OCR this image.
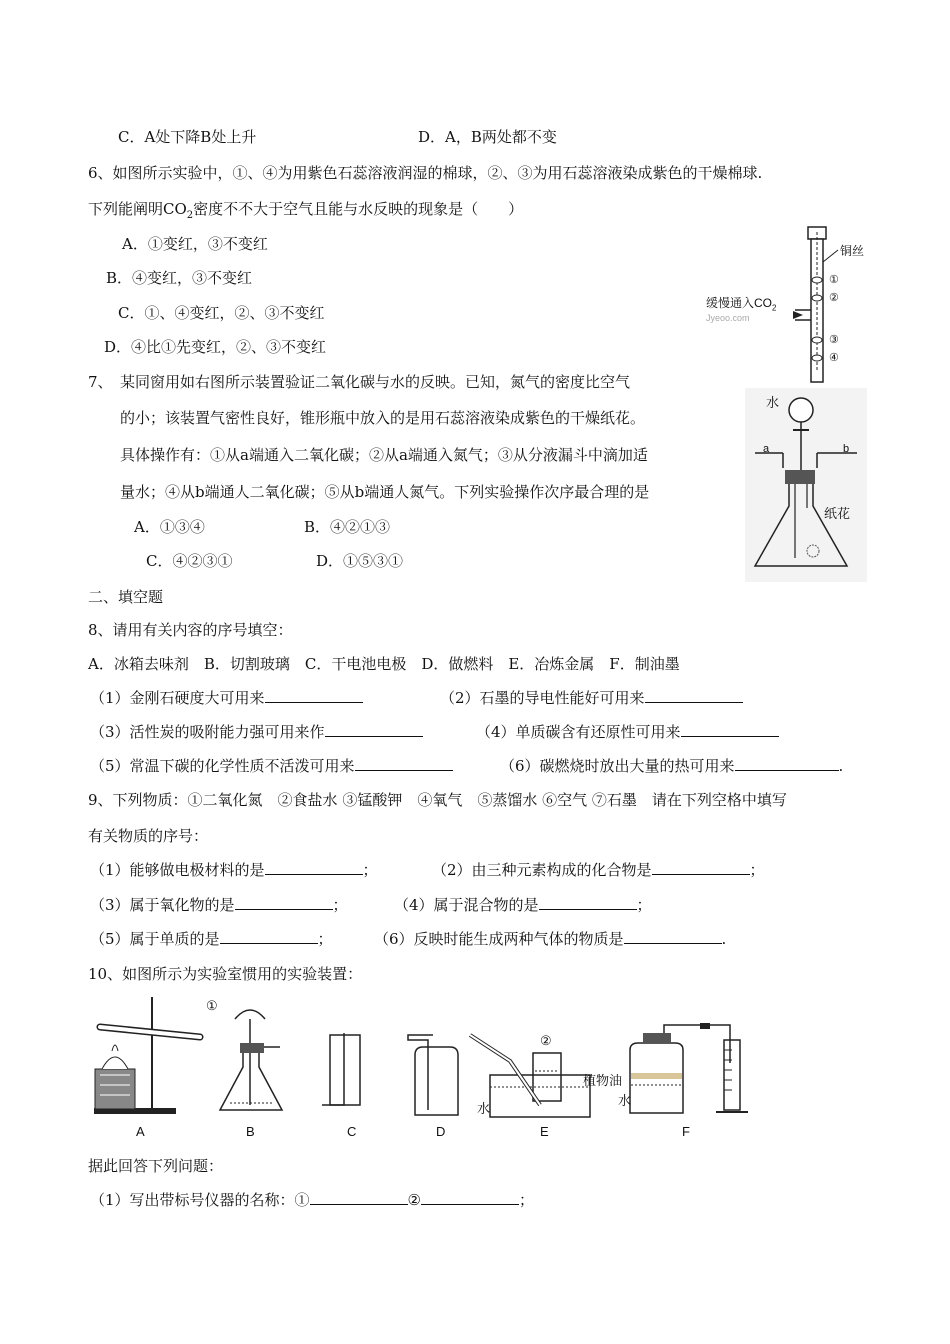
C．A处下降B处上升	D．A，B两处都不变
6、如图所示实验中，①、④为用紫色石蕊溶液润湿的棉球，②、③为用石蕊溶液染成紫色的干燥棉球.
下列能阐明$CO_2$密度不不大于空气且能与水反映的现象是（　　）
A．①变红，③不变红
B．④变红，③不变红
C．①、④变红，②、③不变红
D．④比①先变红，②、③不变红
铜丝
①
②
③
④
缓慢通入$CO_2$
Jyeoo.com
7、　某同窗用如右图所示装置验证二氧化碳与水的反映。已知，氮气的密度比空气
的小；该装置气密性良好，锥形瓶中放入的是用石蕊溶液染成紫色的干燥纸花。
具体操作有：①从a端通入二氧化碳；②从a端通入氮气；③从分液漏斗中滴加适
量水；④从b端通人二氧化碳；⑤从b端通人氮气。下列实验操作次序最合理的是
A．①③④	B．④②①③
C．④②③①	D．①⑤③①
水
a	b
纸花
二、填空题
8、请用有关内容的序号填空：
A．冰箱去味剂　B．切割玻璃　C．干电池电极　D．做燃料　E．冶炼金属　F．制油墨
（1）金刚石硬度大可用来	（2）石墨的导电性能好可用来
（3）活性炭的吸附能力强可用来作	（4）单质碳含有还原性可用来
（5）常温下碳的化学性质不活泼可用来	（6）碳燃烧时放出大量的热可用来	.
9、下列物质：①二氧化氮　②食盐水 ③锰酸钾　④氧气　⑤蒸馏水 ⑥空气 ⑦石墨　请在下列空格中填写
有关物质的序号：
（1）能够做电极材料的是	；	（2）由三种元素构成的化合物是	；
（3）属于氧化物的是	；	（4）属于混合物的是	；
（5）属于单质的是	；	（6）反映时能生成两种气体的物质是	.
10、如图所示为实验室惯用的实验装置：
①
②
水
植物油
水
A	B	C	D	E	F
据此回答下列问题：
（1）写出带标号仪器的名称：①	②	；
